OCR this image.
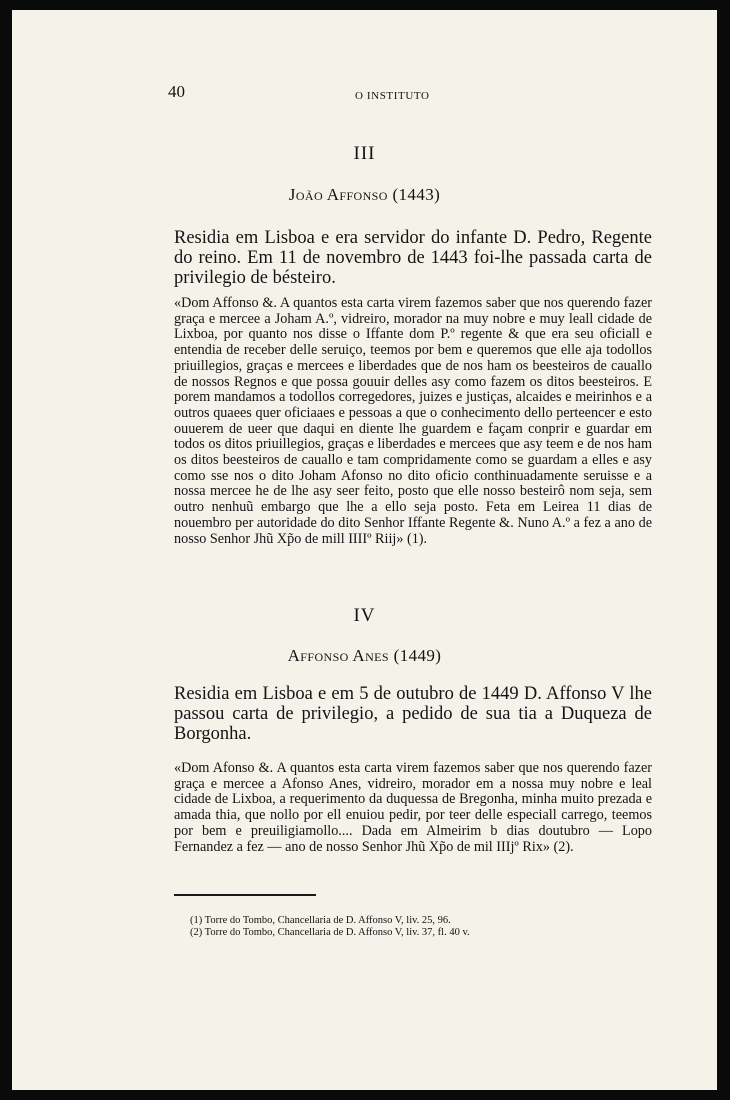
40	O INSTITUTO
III
João Affonso (1443)
Residia em Lisboa e era servidor do infante D. Pedro, Regente do reino. Em 11 de novembro de 1443 foi-lhe passada carta de privilegio de bésteiro.
«Dom Affonso &. A quantos esta carta virem fazemos saber que nos querendo fazer graça e mercee a Joham A.º, vidreiro, morador na muy nobre e muy leall cidade de Lixboa, por quanto nos disse o Iffante dom P.º regente & que era seu oficiall e entendia de receber delle seruiço, teemos por bem e queremos que elle aja todollos priuillegios, graças e mercees e liberdades que de nos ham os beesteiros de cauallo de nossos Regnos e que possa gouuir delles asy como fazem os ditos beesteiros. E porem mandamos a todollos corregedores, juizes e justiças, alcaides e meirinhos e a outros quaees quer oficiaaes e pessoas a que o conhecimento dello perteencer e esto ouuerem de ueer que daqui en diente lhe guardem e façam conprir e guardar em todos os ditos priuillegios, graças e liberdades e mercees que asy teem e de nos ham os ditos beesteiros de cauallo e tam compridamente como se guardam a elles e asy como sse nos o dito Joham Afonso no dito oficio conthinuadamente seruisse e a nossa mercee he de lhe asy seer feito, posto que elle nosso besteirô nom seja, sem outro nenhuũ embargo que lhe a ello seja posto. Feta em Leirea 11 dias de nouembro per autoridade do dito Senhor Iffante Regente &. Nuno A.º a fez a ano de nosso Senhor Jhũ Xp̃o de mill IIIIº Riij» (1).
IV
Affonso Anes (1449)
Residia em Lisboa e em 5 de outubro de 1449 D. Affonso V lhe passou carta de privilegio, a pedido de sua tia a Duqueza de Borgonha.
«Dom Afonso &. A quantos esta carta virem fazemos saber que nos querendo fazer graça e mercee a Afonso Anes, vidreiro, morador em a nossa muy nobre e leal cidade de Lixboa, a requerimento da duquessa de Bregonha, minha muito prezada e amada thia, que nollo por ell enuiou pedir, por teer delle especiall carrego, teemos por bem e preuiligiamollo.... Dada em Almeirim b dias doutubro — Lopo Fernandez a fez — ano de nosso Senhor Jhũ Xp̃o de mil IIIjº Rix» (2).
(1) Torre do Tombo, Chancellaria de D. Affonso V, liv. 25, 96.
(2) Torre do Tombo, Chancellaria de D. Affonso V, liv. 37, fl. 40 v.
